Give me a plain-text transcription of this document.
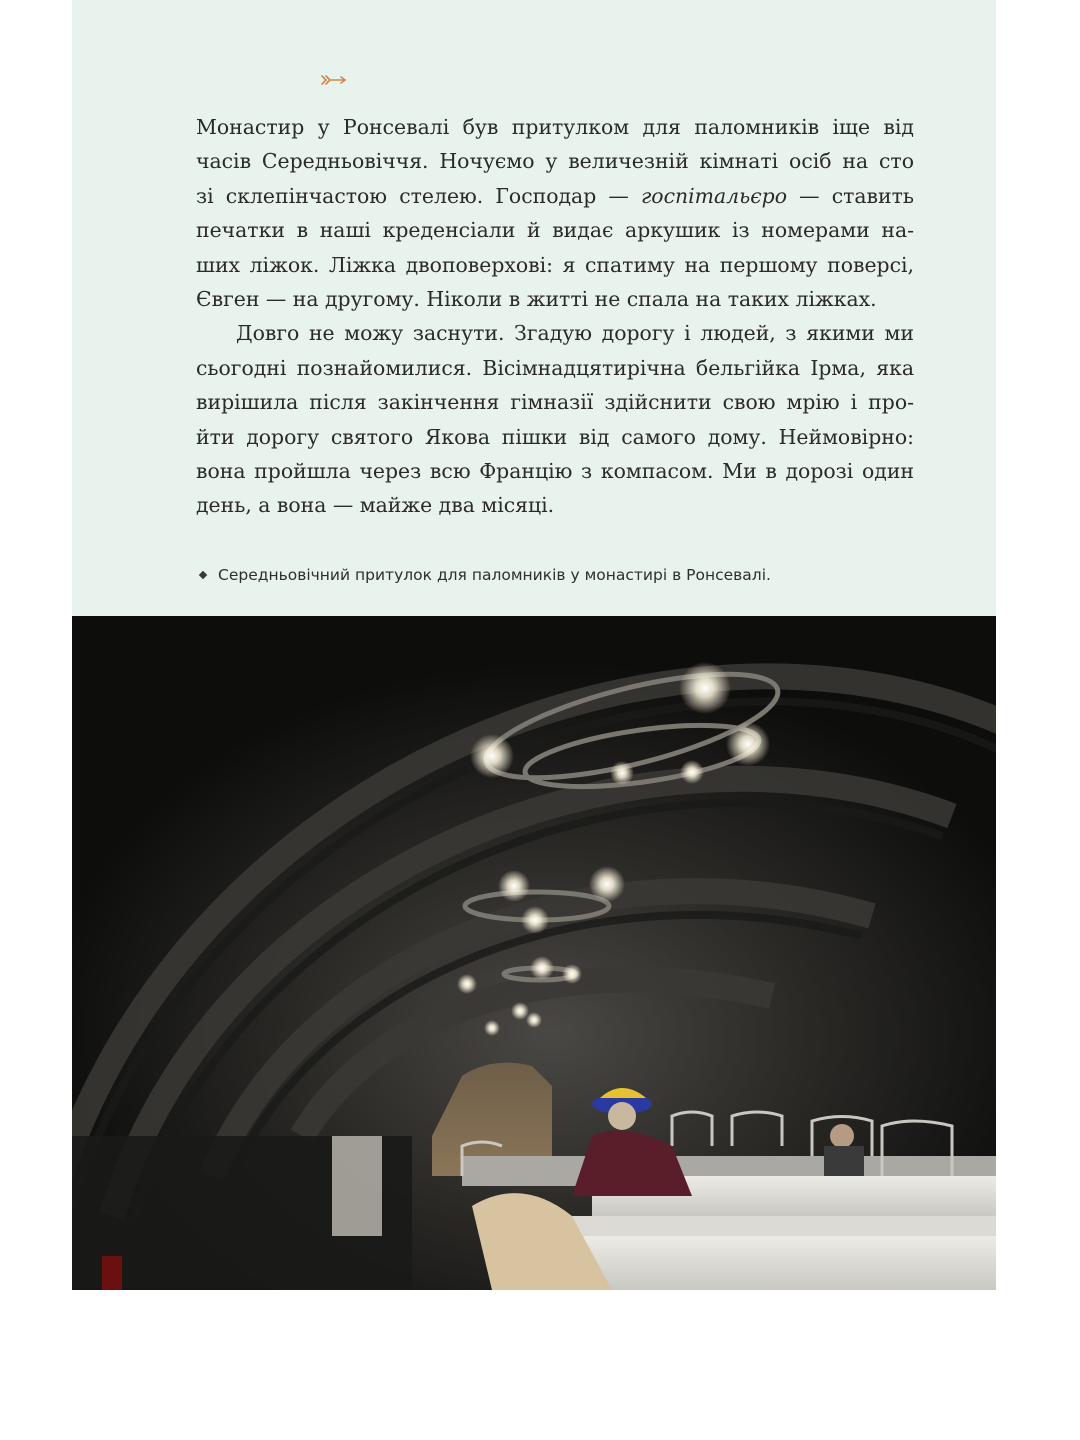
Монастир у Ронсевалі був притулком для паломників іще від
часів Середньовіччя. Ночуємо у величезній кімнаті осіб на сто
зі склепінчастою стелею. Господар — госпітальєро — ставить
печатки в наші креденсіали й видає аркушик із номерами на-
ших ліжок. Ліжка двоповерхові: я спатиму на першому поверсі,
Євген — на другому. Ніколи в житті не спала на таких ліжках.
Довго не можу заснути. Згадую дорогу і людей, з якими ми
сьогодні познайомилися. Вісімнадцятирічна бельгійка Ірма, яка
вирішила після закінчення гімназії здійснити свою мрію і про-
йти дорогу святого Якова пішки від самого дому. Неймовірно:
вона пройшла через всю Францію з компасом. Ми в дорозі один
день, а вона — майже два місяці.
Середньовічний притулок для паломників у монастирі в Ронсевалі.
